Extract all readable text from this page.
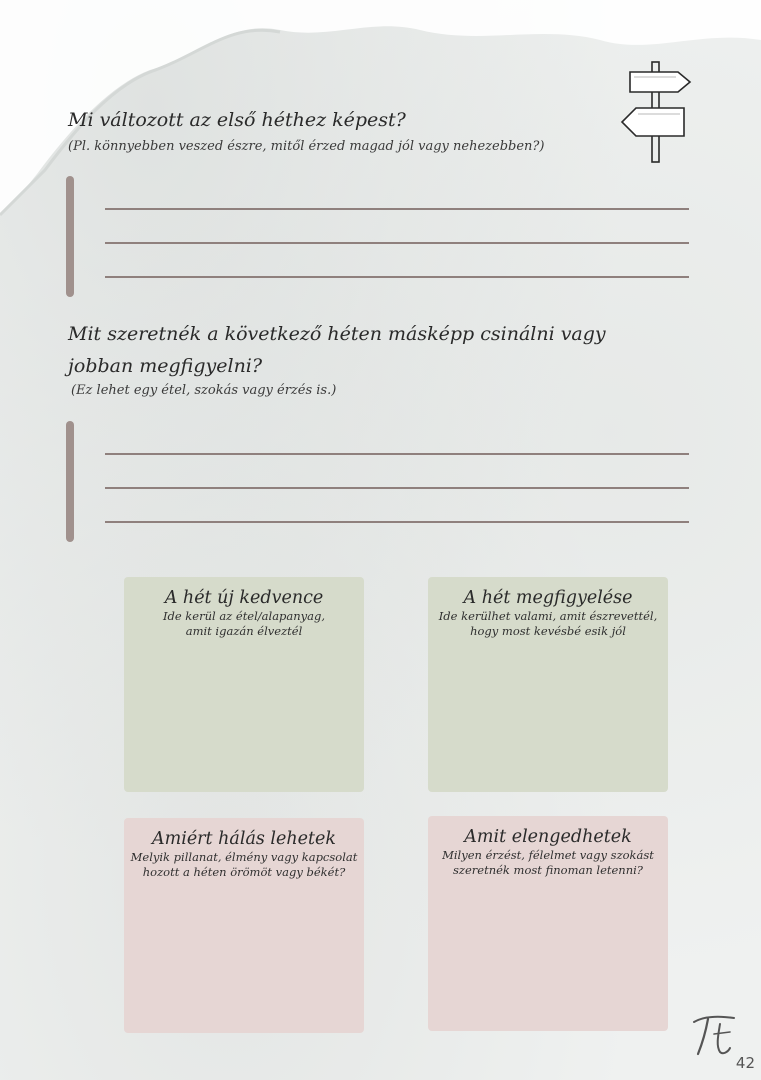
Mi változott az első héthez képest?
(Pl. könnyebben veszed észre, mitől érzed magad jól vagy nehezebben?)
Mit szeretnék a következő héten másképp csinálni vagy
jobban megfigyelni?
(Ez lehet egy étel, szokás vagy érzés is.)
A hét új kedvence
Ide kerül az étel/alapanyag,
amit igazán élveztél
A hét megfigyelése
Ide kerülhet valami, amit észrevettél,
hogy most kevésbé esik jól
Amiért hálás lehetek
Melyik pillanat, élmény vagy kapcsolat
hozott a héten örömöt vagy békét?
Amit elengedhetek
Milyen érzést, félelmet vagy szokást
szeretnék most finoman letenni?
42
